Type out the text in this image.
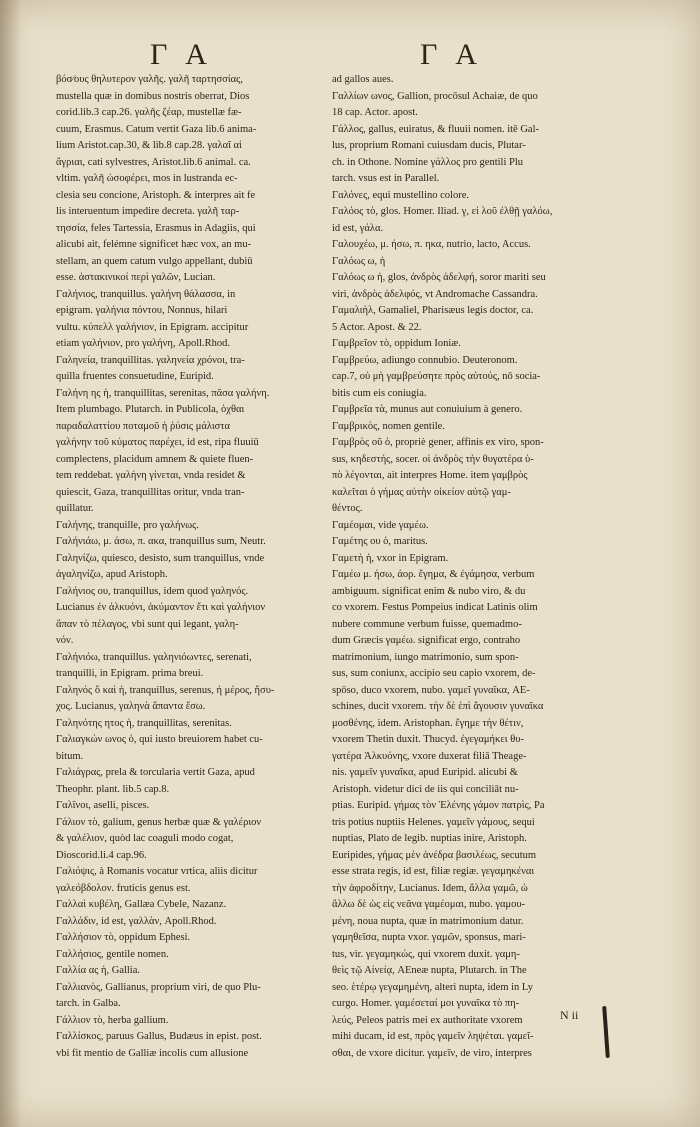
Γ Α	Γ Α

βόσ⁄ους θηλυτερον γαλῆς. γαλῆ ταρτησσίας,

mustella quæ in domibus nostris oberrat, Dios

corid.lib.3 cap.26. γαλῆς ζέαρ, mustellæ fæ-

cuum, Erasmus. Catum vertit Gaza lib.6 anima-

lium Aristot.cap.30, & lib.8 cap.28. γαλαῖ αἱ

ἄγριαι, cati sylvestres, Aristot.lib.6 animal. ca.

vltim. γαλῆ ὠσοφέρει, mos in lustranda ec-

clesia seu concione, Aristoph. & interpres ait fe

lis interuentum impedire decreta. γαλῆ ταρ-

τησσία, feles Tartessia, Erasmus in Adagiis, qui

alicubi ait, felémne significet hæc vox, an mu-

stellam, an quem catum vulgo appellant, dubiū

esse. ἀστακινικοί περὶ γαλῶν, Lucian.

Γαλήνιος, tranquillus. γαλήνη θάλασσα, in

epigram. γαλήνια πόντου, Nonnus, hilari

vultu. κύπελλ γαλήνιον, in Epigram. accipitur

etiam γαλήνιον, pro γαλήνη, Apoll.Rhod.

Γαληνεία, tranquillitas. γαληνεία χρόνοι, tra-

quilla fruentes consuetudine, Euripid.

Γαλήνη ης ἡ, tranquillitas, serenitas, πᾶσα γαλήνη.

Item plumbago. Plutarch. in Publicola, ὁχθαι

παραδαλαττίου ποταμοῦ ἡ ῥύσις μάλιστα

γαλήνην τοῦ κύματος παρέχει, id est, ripa fluuiū

complectens, placidum amnem & quiete fluen-

tem reddebat. γαλήνη γίνεται, vnda residet &

quiescit, Gaza, tranquillitas oritur, vnda tran-

quillatur.

Γαλήνης, tranquille, pro γαλήνως.

Γαλήνιάω, μ. άσω, π. ακα, tranquillus sum, Neutr.

Γαληνίζω, quiesco, desisto, sum tranquillus, vnde

ἀγαληνίζω, apud Aristoph.

Γαλήνιος ου, tranquillus, idem quod γαληνός.

Lucianus ἐν ἀλκυόνι, ἀκύμαντον ἔτι καὶ γαλήνιον

ἅπαν τὸ πέλαγος, vbi sunt qui legant, γαλη-

νόν.

Γαλήνιόω, tranquillus. γαληνιόωντες, serenati,

tranquilli, in Epigram. prima breui.

Γαληνός ὅ καὶ ἡ, tranquillus, serenus, ἡ μέρος, ἥσυ-

χος. Lucianus, γαληνὰ ἅπαντα ἔσω.

Γαληνότης ητος ἡ, tranquillitas, serenitas.

Γαλιαγκών ωνος ὁ, qui iusto breuiorem habet cu-

bitum.

Γαλιάγρας, prela & torcularia vertit Gaza, apud

Theophr. plant. lib.5 cap.8.

Γαλῖνοι, aselli, pisces.

Γάλιον τὸ, galium, genus herbæ quæ & γαλέριον

& γαλέλιον, quòd lac coaguli modo cogat,

Dioscorid.li.4 cap.96.

Γαλιόψις, à Romanis vocatur vrtica, aliis dicitur

γαλεόβδολον. fruticis genus est.

Γαλλαὶ κυβέλη, Gallæa Cybele, Nazanz.

Γαλλάδιν, id est, γαλλὰν, Apoll.Rhod.

Γαλλήσιον τὸ, oppidum Ephesi.

Γαλλήσιος, gentile nomen.

Γαλλία ας ἡ, Gallia.

Γαλλιανὸς, Gallianus, proprium viri, de quo Plu-

tarch. in Galba.

Γάλλιον τὸ, herba gallium.

Γαλλίσκος, paruus Gallus, Budæus in epist. post.

vbi fit mentio de Galliæ incolis cum allusione

ad gallos aues.

Γαλλίων ωνος, Gallion, procōsul Achaiæ, de quo

18 cap. Actor. apost.

Γάλλος, gallus, euiratus, & fluuii nomen. itē Gal-

lus, proprium Romani cuiusdam ducis, Plutar-

ch. in Othone. Nomine γάλλος pro gentili Plu

tarch. vsus est in Parallel.

Γαλόνες, equi mustellino colore.

Γαλόος τὸ, glos. Homer. Iliad. γ, εἰ λοῦ ἐλθῇ γαλόω,

id est, γάλα.

Γαλουχέω, μ. ήσω, π. ηκα, nutrio, lacto, Accus.

Γαλόως ω, ἡ

Γαλόως ω ἡ, glos, ἀνδρὸς ἀδελφή, soror mariti seu

viri, ἀνδρὸς ἀδελφός, vt Andromache Cassandra.

Γαμαλιὴλ, Gamaliel, Pharisæus legis doctor, ca.

5 Actor. Apost. & 22.

Γαμβρεῖον τὸ, oppidum Ioniæ.

Γαμβρεύω, adiungo connubio. Deuteronom.

cap.7, οὐ μὴ γαμβρεύσητε πρὸς αὐτούς, nō socia-

bitis cum eis coniugia.

Γαμβρεῖα τὰ, munus aut conuiuium à genero.

Γαμβρικὸς, nomen gentile.

Γαμβρὸς οῦ ὁ, propriè gener, affinis ex viro, spon-

sus, κηδεστής, socer. οἱ ἀνδρὸς τὴν θυγατέρα ὑ-

πὸ λέγονται, ait interpres Home. item γαμβρὸς

καλεῖται ὁ γήμας αὐτὴν οἰκείον αὐτῷ γαμ-

θέντος.

Γαμέομαι, vide γαμέω.

Γαμέτης ου ὁ, maritus.

Γαμετὴ ἡ, vxor in Epigram.

Γαμέω μ. ήσω, ἀορ. ἔγημα, & ἐγάμησα, verbum

ambiguum. significat enim & nubo viro, & du

co vxorem. Festus Pompeius indicat Latinis olim

nubere commune verbum fuisse, quemadmo-

dum Græcis γαμέω. significat ergo, contraho

matrimonium, iungo matrimonio, sum spon-

sus, sum coniunx, accipio seu capio vxorem, de-

spōso, duco vxorem, nubo. γαμεῖ γυναῖκα, AE-

schines, ducit vxorem. τὴν δὲ ἐπὶ ἄγουσιν γυναῖκα

μοσθένης, idem. Aristophan. ἔγημε τὴν θέτιν,

vxorem Thetin duxit. Thucyd. ἐγεγαμήκει θυ-

γατέρα Ἀλκυόνης, vxore duxerat filiā Theage-

nis. γαμεῖν γυναῖκα, apud Euripid. alicubi &

Aristoph. videtur dici de iis qui conciliāt nu-

ptias. Euripid. γήμας τὸν Ἑλένης γάμον πατρὶς, Pa

tris potius nuptiis Helenes. γαμεῖν γάμους, sequi

nuptias, Plato de legib. nuptias inire, Aristoph.

Euripides, γήμας μὲν ἀνέδρα βασιλέως, secutum

esse strata regis, id est, filiæ regiæ. γεγαμηκέναι

τὴν ἀφροδίτην, Lucianus. Idem, ἄλλα γαμῶ, ὡ

ἄλλω δὲ ὡς εἰς νεᾶνα γαμέομαι, nubo. γαμου-

μένη, noua nupta, quæ in matrimonium datur.

γαμηθεῖσα, nupta vxor. γαμῶν, sponsus, mari-

tus, vir. γεγαμηκώς, qui vxorem duxit. γαμη-

θεὶς τῷ Αἰνείᾳ, AEneæ nupta, Plutarch. in The

seo. ἑτέρῳ γεγαμημένη, alteri nupta, idem in Ly

curgo. Homer. γαμέσεταί μοι γυναῖκα τὸ πη-

λεύς, Peleos patris mei ex authoritate vxorem

mihi ducam, id est, πρὸς γαμεῖν ληψέται. γαμεῖ-

σθαι, de vxore dicitur. γαμεῖν, de viro, interpres

N ii
